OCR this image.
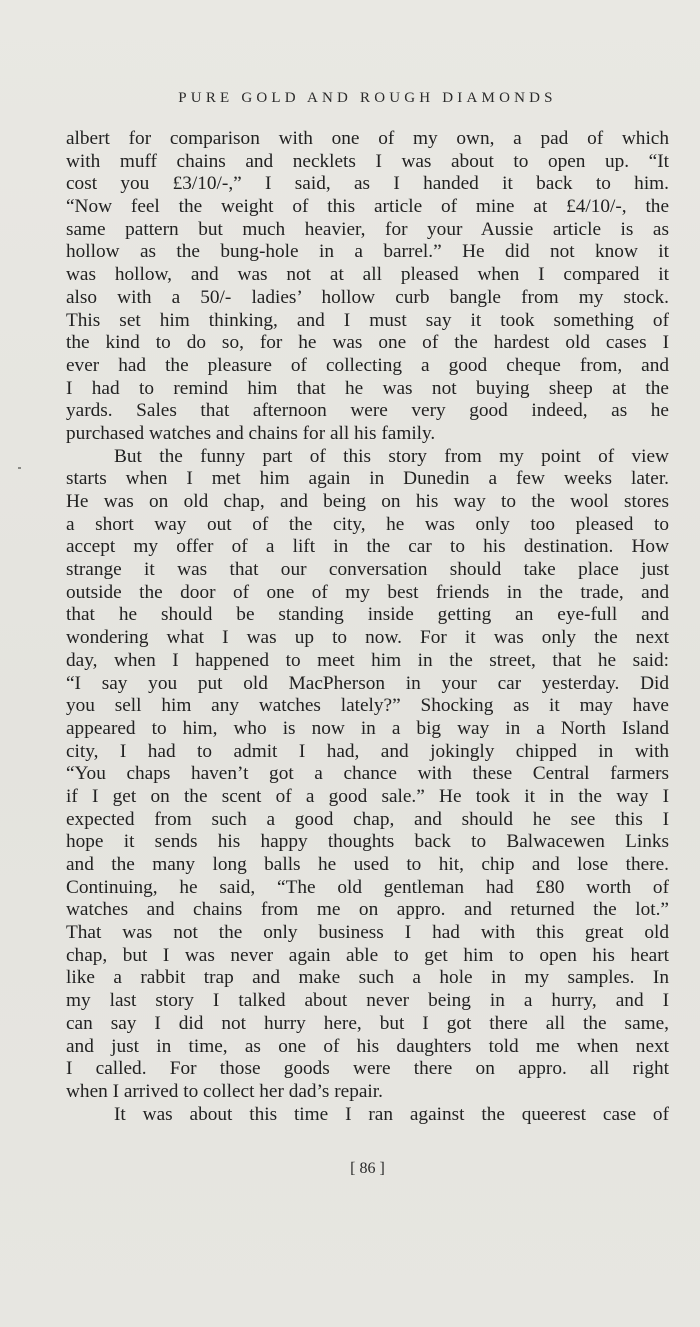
PURE GOLD AND ROUGH DIAMONDS
albert for comparison with one of my own, a pad of which
with muff chains and necklets I was about to open up. “It
cost you £3/10/-,” I said, as I handed it back to him.
“Now feel the weight of this article of mine at £4/10/-, the
same pattern but much heavier, for your Aussie article is as
hollow as the bung-hole in a barrel.” He did not know it
was hollow, and was not at all pleased when I compared it
also with a 50/- ladies’ hollow curb bangle from my stock.
This set him thinking, and I must say it took something of
the kind to do so, for he was one of the hardest old cases I
ever had the pleasure of collecting a good cheque from, and
I had to remind him that he was not buying sheep at the
yards. Sales that afternoon were very good indeed, as he
purchased watches and chains for all his family.
But the funny part of this story from my point of view
starts when I met him again in Dunedin a few weeks later.
He was on old chap, and being on his way to the wool stores
a short way out of the city, he was only too pleased to
accept my offer of a lift in the car to his destination. How
strange it was that our conversation should take place just
outside the door of one of my best friends in the trade, and
that he should be standing inside getting an eye-full and
wondering what I was up to now. For it was only the next
day, when I happened to meet him in the street, that he said:
“I say you put old MacPherson in your car yesterday. Did
you sell him any watches lately?” Shocking as it may have
appeared to him, who is now in a big way in a North Island
city, I had to admit I had, and jokingly chipped in with
“You chaps haven’t got a chance with these Central farmers
if I get on the scent of a good sale.” He took it in the way I
expected from such a good chap, and should he see this I
hope it sends his happy thoughts back to Balwacewen Links
and the many long balls he used to hit, chip and lose there.
Continuing, he said, “The old gentleman had £80 worth of
watches and chains from me on appro. and returned the lot.”
That was not the only business I had with this great old
chap, but I was never again able to get him to open his heart
like a rabbit trap and make such a hole in my samples. In
my last story I talked about never being in a hurry, and I
can say I did not hurry here, but I got there all the same,
and just in time, as one of his daughters told me when next
I called. For those goods were there on appro. all right
when I arrived to collect her dad’s repair.
It was about this time I ran against the queerest case of
[ 86 ]
